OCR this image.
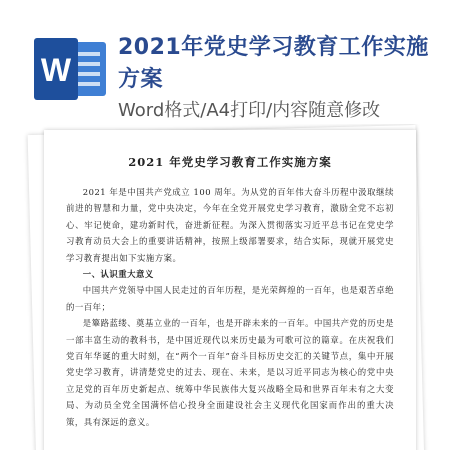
W
2021年党史学习教育工作实施方案
Word格式/A4打印/内容随意修改
2021 年党史学习教育工作实施方案

2021 年是中国共产党成立 100 周年。为从党的百年伟大奋斗历程中汲取继续前进的智慧和力量，党中央决定，今年在全党开展党史学习教育，激励全党不忘初心、牢记使命，建功新时代，奋进新征程。为深入贯彻落实习近平总书记在党史学习教育动员大会上的重要讲话精神，按照上级部署要求，结合实际，现就开展党史学习教育提出如下实施方案。

一、认识重大意义

中国共产党领导中国人民走过的百年历程，是光荣辉煌的一百年，也是艰苦卓绝的一百年；

是篳路蓝缕、奠基立业的一百年，也是开辟未来的一百年。中国共产党的历史是一部丰富生动的教科书，是中国近现代以来历史最为可歌可泣的篇章。在庆祝我们党百年华诞的重大时刻，在“两个一百年”奋斗目标历史交汇的关键节点，集中开展党史学习教育，讲清楚党史的过去、现在、未来，是以习近平同志为核心的党中央立足党的百年历史新起点、统筹中华民族伟大复兴战略全局和世界百年未有之大变局、为动员全党全国满怀信心投身全面建设社会主义现代化国家而作出的重大决策，具有深远的意义。
